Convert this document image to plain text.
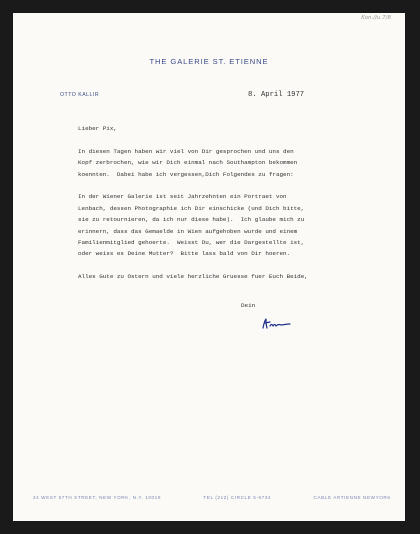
Kon.//u.7/8
THE GALERIE ST. ETIENNE
OTTO KALLIR	8. April 1977
Lieber Pix,
In diesen Tagen haben wir viel von Dir gesprochen und uns den
Kopf zerbrochen, wie wir Dich einmal nach Southampton bekommen
koennten.  Dabei habe ich vergessen,Dich Folgendes zu fragen:
In der Wiener Galerie ist seit Jahrzehnten ein Portraet von
Lenbach, dessen Photographie ich Dir einschicke (und Dich bitte,
sie zu retournieren, da ich nur diese habe).  Ich glaube mich zu
erinnern, dass das Gemaelde in Wien aufgehoben wurde und einem
Familienmitglied gehoerte.  Weisst Du, wer die Dargestellte ist,
oder weiss es Deine Mutter?  Bitte lass bald von Dir hoeren.
Alles Gute zu Ostern und viele herzliche Gruesse fuer Euch Beide,
Dein
24 WEST 57TH STREET, NEW YORK, N.Y. 10019	TEL (212) CIRCLE 5-6734	CABLE ARTIENNE NEWYORK
